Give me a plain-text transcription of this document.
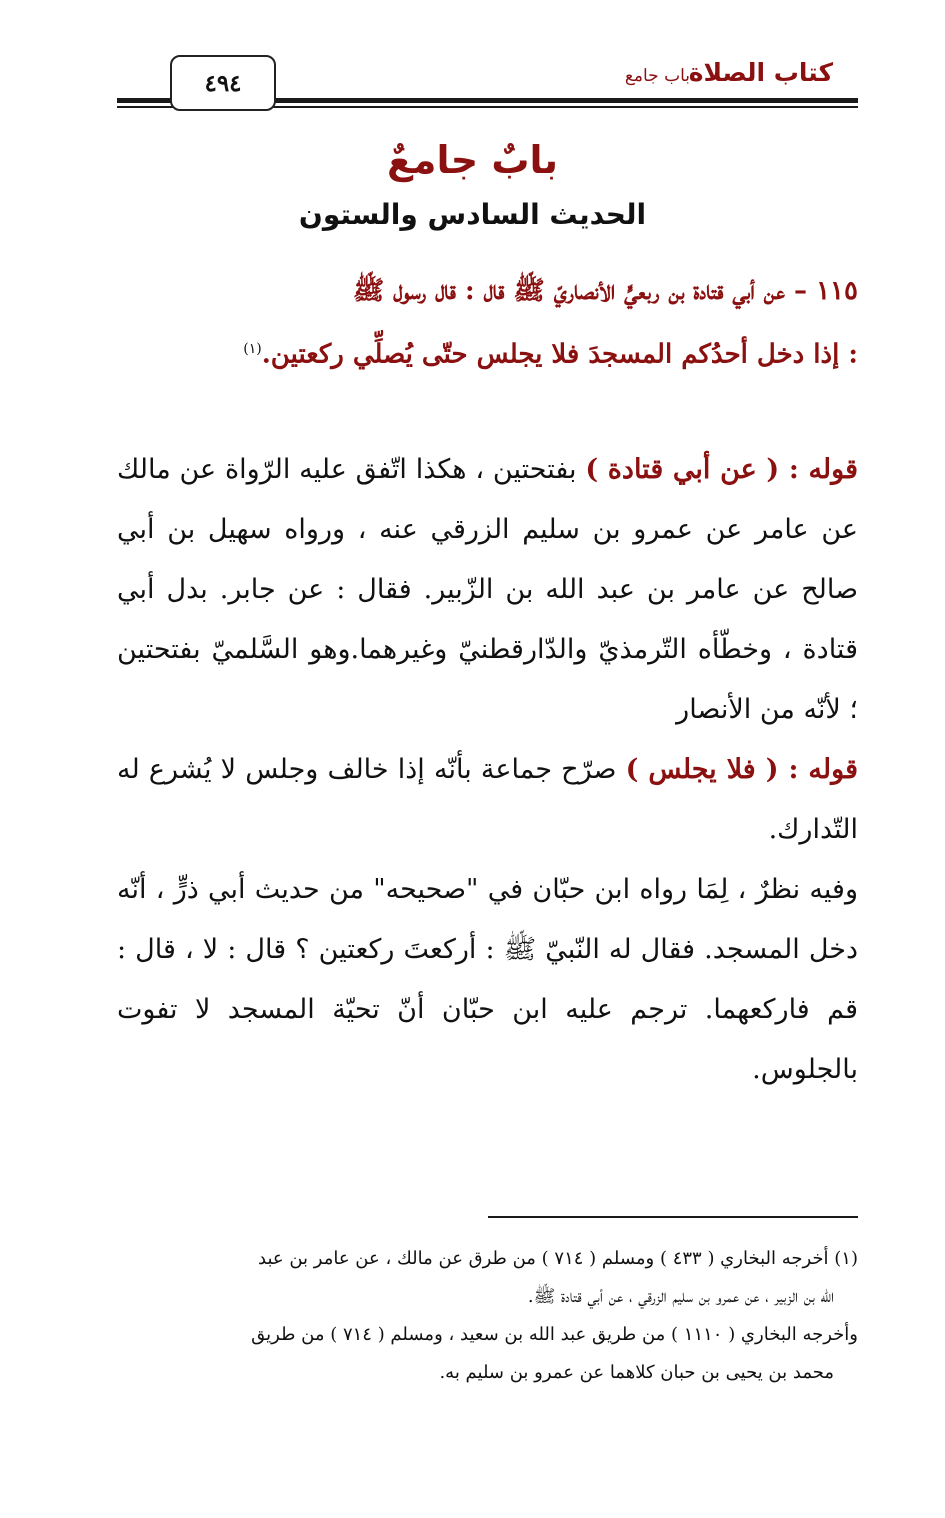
كتاب الصلاة
باب جامع
٤٩٤
بابٌ جامعٌ
الحديث السادس والستون
١١٥ – عن أبي قتادة بن ربعيٍّ الأنصاريّ ﷺ قال : قال رسول ﷺ
: إذا دخل أحدُكم المسجدَ فلا يجلس حتّى يُصلِّي ركعتين.$^{(١)}$

قوله : ( عن أبي قتادة ) بفتحتين ، هكذا اتّفق عليه الرّواة عن مالك عن عامر عن عمرو بن سليم الزرقي عنه ، ورواه سهيل بن أبي صالح عن عامر بن عبد الله بن الزّبير. فقال : عن جابر. بدل أبي قتادة ، وخطّأه التّرمذيّ والدّارقطنيّ وغيرهما.وهو السَّلميّ بفتحتين ؛ لأنّه من الأنصار

قوله : ( فلا يجلس ) صرّح جماعة بأنّه إذا خالف وجلس لا يُشرع له التّدارك.

وفيه نظرٌ ، لِمَا رواه ابن حبّان في "صحيحه" من حديث أبي ذرٍّ ، أنّه دخل المسجد. فقال له النّبيّ ﷺ : أركعتَ ركعتين ؟ قال : لا ، قال : قم فاركعهما. ترجم عليه ابن حبّان أنّ تحيّة المسجد لا تفوت بالجلوس.

(١) أخرجه البخاري ( ٤٣٣ ) ومسلم ( ٧١٤ ) من طرق عن مالك ، عن عامر بن عبد

الله بن الزبير ، عن عمرو بن سليم الزرقي ، عن أبي قتادة ﷺ.

وأخرجه البخاري ( ١١١٠ ) من طريق عبد الله بن سعيد ، ومسلم ( ٧١٤ ) من طريق

محمد بن يحيى بن حبان كلاهما عن عمرو بن سليم به.
